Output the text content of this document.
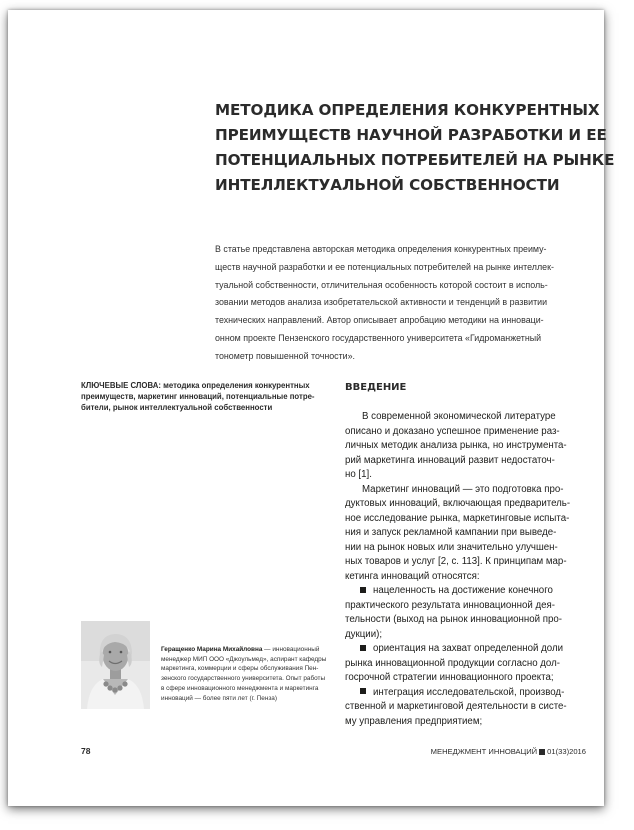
МЕТОДИКА ОПРЕДЕЛЕНИЯ КОНКУРЕНТНЫХ
ПРЕИМУЩЕСТВ НАУЧНОЙ РАЗРАБОТКИ И ЕЕ
ПОТЕНЦИАЛЬНЫХ ПОТРЕБИТЕЛЕЙ НА РЫНКЕ
ИНТЕЛЛЕКТУАЛЬНОЙ СОБСТВЕННОСТИ
В статье представлена авторская методика определения конкурентных преиму-
ществ научной разработки и ее потенциальных потребителей на рынке интеллек-
туальной собственности, отличительная особенность которой состоит в исполь-
зовании методов анализа изобретательской активности и тенденций в развитии
технических направлений. Автор описывает апробацию методики на инноваци-
онном проекте Пензенского государственного университета «Гидроманжетный
тонометр повышенной точности».
КЛЮЧЕВЫЕ СЛОВА: методика определения конкурентных
преимуществ, маркетинг инноваций, потенциальные потре-
бители, рынок интеллектуальной собственности
ВВЕДЕНИЕ
В современной экономической литературе
описано и доказано успешное применение раз-
личных методик анализа рынка, но инструмента-
рий маркетинга инноваций развит недостаточ-
но [1].
Маркетинг инноваций — это подготовка про-
дуктовых инноваций, включающая предваритель-
ное исследование рынка, маркетинговые испыта-
ния и запуск рекламной кампании при выведе-
нии на рынок новых или значительно улучшен-
ных товаров и услуг [2, с. 113]. К принципам мар-
кетинга инноваций относятся:
нацеленность на достижение конечного
практического результата инновационной дея-
тельности (выход на рынок инновационной про-
дукции);
ориентация на захват определенной доли
рынка инновационной продукции согласно дол-
госрочной стратегии инновационного проекта;
интеграция исследовательской, производ-
ственной и маркетинговой деятельности в систе-
му управления предприятием;
Геращенко Марина Михайловна — инновационный
менеджер МИП ООО «Джоульмед», аспирант кафедры
маркетинга, коммерции и сферы обслуживания Пен-
зенского государственного университета. Опыт работы
в сфере инновационного менеджмента и маркетинга
инноваций — более пяти лет (г. Пенза)
78	МЕНЕДЖМЕНТ ИННОВАЦИЙ 01(33)2016
